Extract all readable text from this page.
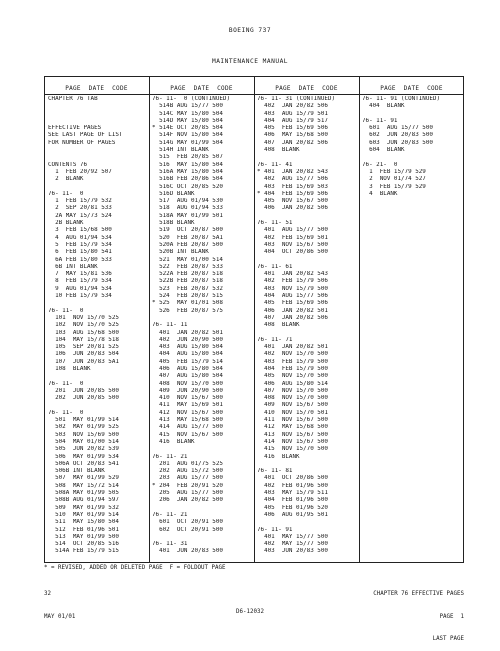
BOEING 737
MAINTENANCE MANUAL
PAGE  DATE  CODE	PAGE  DATE  CODE	PAGE  DATE  CODE	PAGE  DATE  CODE
CHAPTER 76 TAB
EFFECTIVE PAGES
SEE LAST PAGE OF LIST
FOR NUMBER OF PAGES
CONTENTS 76
1  FEB 20/92 507
2  BLANK
76- 11-  0
1  FEB 15/79 532
2  SEP 20/81 533
2A MAY 15/73 524
2B BLANK
3  FEB 15/68 500
4  AUG 01/94 534
5  FEB 15/79 534
6  FEB 15/80 541
6A FEB 15/80 533
6B INT BLANK
7  MAY 15/81 536
8  FEB 15/79 534
9  AUG 01/94 534
10 FEB 15/79 534
76- 11-  0
101  NOV 15/70 525
102  NOV 15/70 525
103  AUG 15/68 500
104  MAY 15/78 518
105  SEP 20/81 525
106  JUN 20/83 504
107  JUN 20/83 5A1
108  BLANK
76- 11-  0
201  JUN 20/85 500
202  JUN 20/85 500
76- 11-  0
501  MAY 01/99 514
502  MAY 01/99 525
503  NOV 15/69 500
504  MAY 01/00 514
505  JUN 20/82 539
506  MAY 01/99 534
506A OCT 20/83 541
506B INT BLANK
507  MAY 01/99 529
508  MAY 15/72 514
508A MAY 01/99 505
508B AUG 01/94 597
509  MAY 01/99 532
510  MAY 01/99 514
511  MAY 15/80 504
512  FEB 01/96 501
513  MAY 01/99 500
514  OCT 20/85 516
514A FEB 15/79 515
76- 11-  0 (CONTINUED)
514B AUG 15/77 500
514C MAY 15/80 504
514D MAY 15/80 504
* 514E OCT 20/85 504
514F NOV 15/80 504
514G MAY 01/99 504
514H INT BLANK
515  FEB 20/85 507
516  MAY 15/80 504
516A MAY 15/80 504
516B FEB 20/86 504
516C OCT 20/85 520
516D BLANK
517  AUG 01/94 530
518  AUG 01/94 533
518A MAY 01/99 501
518B BLANK
519  OCT 20/87 500
520  FEB 20/87 5A1
520A FEB 20/87 500
520B INT BLANK
521  MAY 01/00 514
522  FEB 20/87 533
522A FEB 20/87 518
522B FEB 20/87 518
523  FEB 20/87 532
524  FEB 20/87 515
* 525  MAY 01/01 508
526  FEB 20/87 575
76- 11- 11
401  JAN 20/82 501
402  JUN 20/90 500
403  AUG 15/80 504
404  AUG 15/80 504
405  FEB 15/79 514
406  AUG 15/80 504
407  AUG 15/80 504
408  NOV 15/70 500
409  JUN 20/90 500
410  NOV 15/67 500
411  MAY 15/69 501
412  NOV 15/67 500
413  MAY 15/68 500
414  AUG 15/77 500
415  NOV 15/67 500
416  BLANK
76- 11- 21
201  AUG 01/75 525
202  AUG 15/72 500
203  AUG 15/77 500
* 204  FEB 20/91 520
205  AUG 15/77 500
206  JAN 20/82 500
76- 11- 21
601  OCT 20/91 500
602  OCT 20/91 500
76- 11- 31
401  JUN 20/83 500
76- 11- 31 (CONTINUED)
402  JAN 20/82 506
403  AUG 15/79 501
404  AUG 15/79 517
405  FEB 15/69 506
406  MAY 15/68 500
407  JAN 20/82 506
408  BLANK
76- 11- 41
* 401  JAN 20/82 543
402  AUG 15/77 506
403  FEB 15/69 503
* 404  FEB 15/69 506
405  NOV 15/67 500
406  JAN 20/82 506
76- 11- 51
401  AUG 15/77 500
402  FEB 15/69 501
403  NOV 15/67 500
404  OCT 20/86 500
76- 11- 61
401  JAN 20/82 543
402  FEB 15/79 506
403  NOV 15/79 500
404  AUG 15/77 506
405  FEB 15/69 506
406  JAN 20/82 501
407  JAN 20/82 506
408  BLANK
76- 11- 71
401  JAN 20/82 501
402  NOV 15/70 500
403  FEB 15/79 500
404  FEB 15/79 500
405  NOV 15/70 500
406  AUG 15/80 514
407  NOV 15/70 500
408  NOV 15/70 500
409  NOV 15/67 500
410  NOV 15/70 501
411  NOV 15/67 500
412  MAY 15/68 500
413  NOV 15/67 500
414  NOV 15/67 500
415  NOV 15/70 500
416  BLANK
76- 11- 81
401  OCT 20/86 500
402  FEB 01/96 500
403  MAY 15/79 511
404  FEB 01/96 500
405  FEB 01/96 520
406  AUG 01/95 501
76- 11- 91
401  MAY 15/77 500
402  MAY 15/77 500
403  JUN 20/83 500
76- 11- 91 (CONTINUED)
404  BLANK
76- 11- 91
601  AUG 15/77 500
602  JUN 20/83 500
603  JUN 20/83 500
604  BLANK
76- 21-  0
1  FEB 15/79 529
2  NOV 01/74 527
3  FEB 15/79 529
4  BLANK
* = REVISED, ADDED OR DELETED PAGE  F = FOLDOUT PAGE

32

MAY 01/01

CHAPTER 76 EFFECTIVE PAGES

PAGE  1

LAST PAGE

D6-12032
